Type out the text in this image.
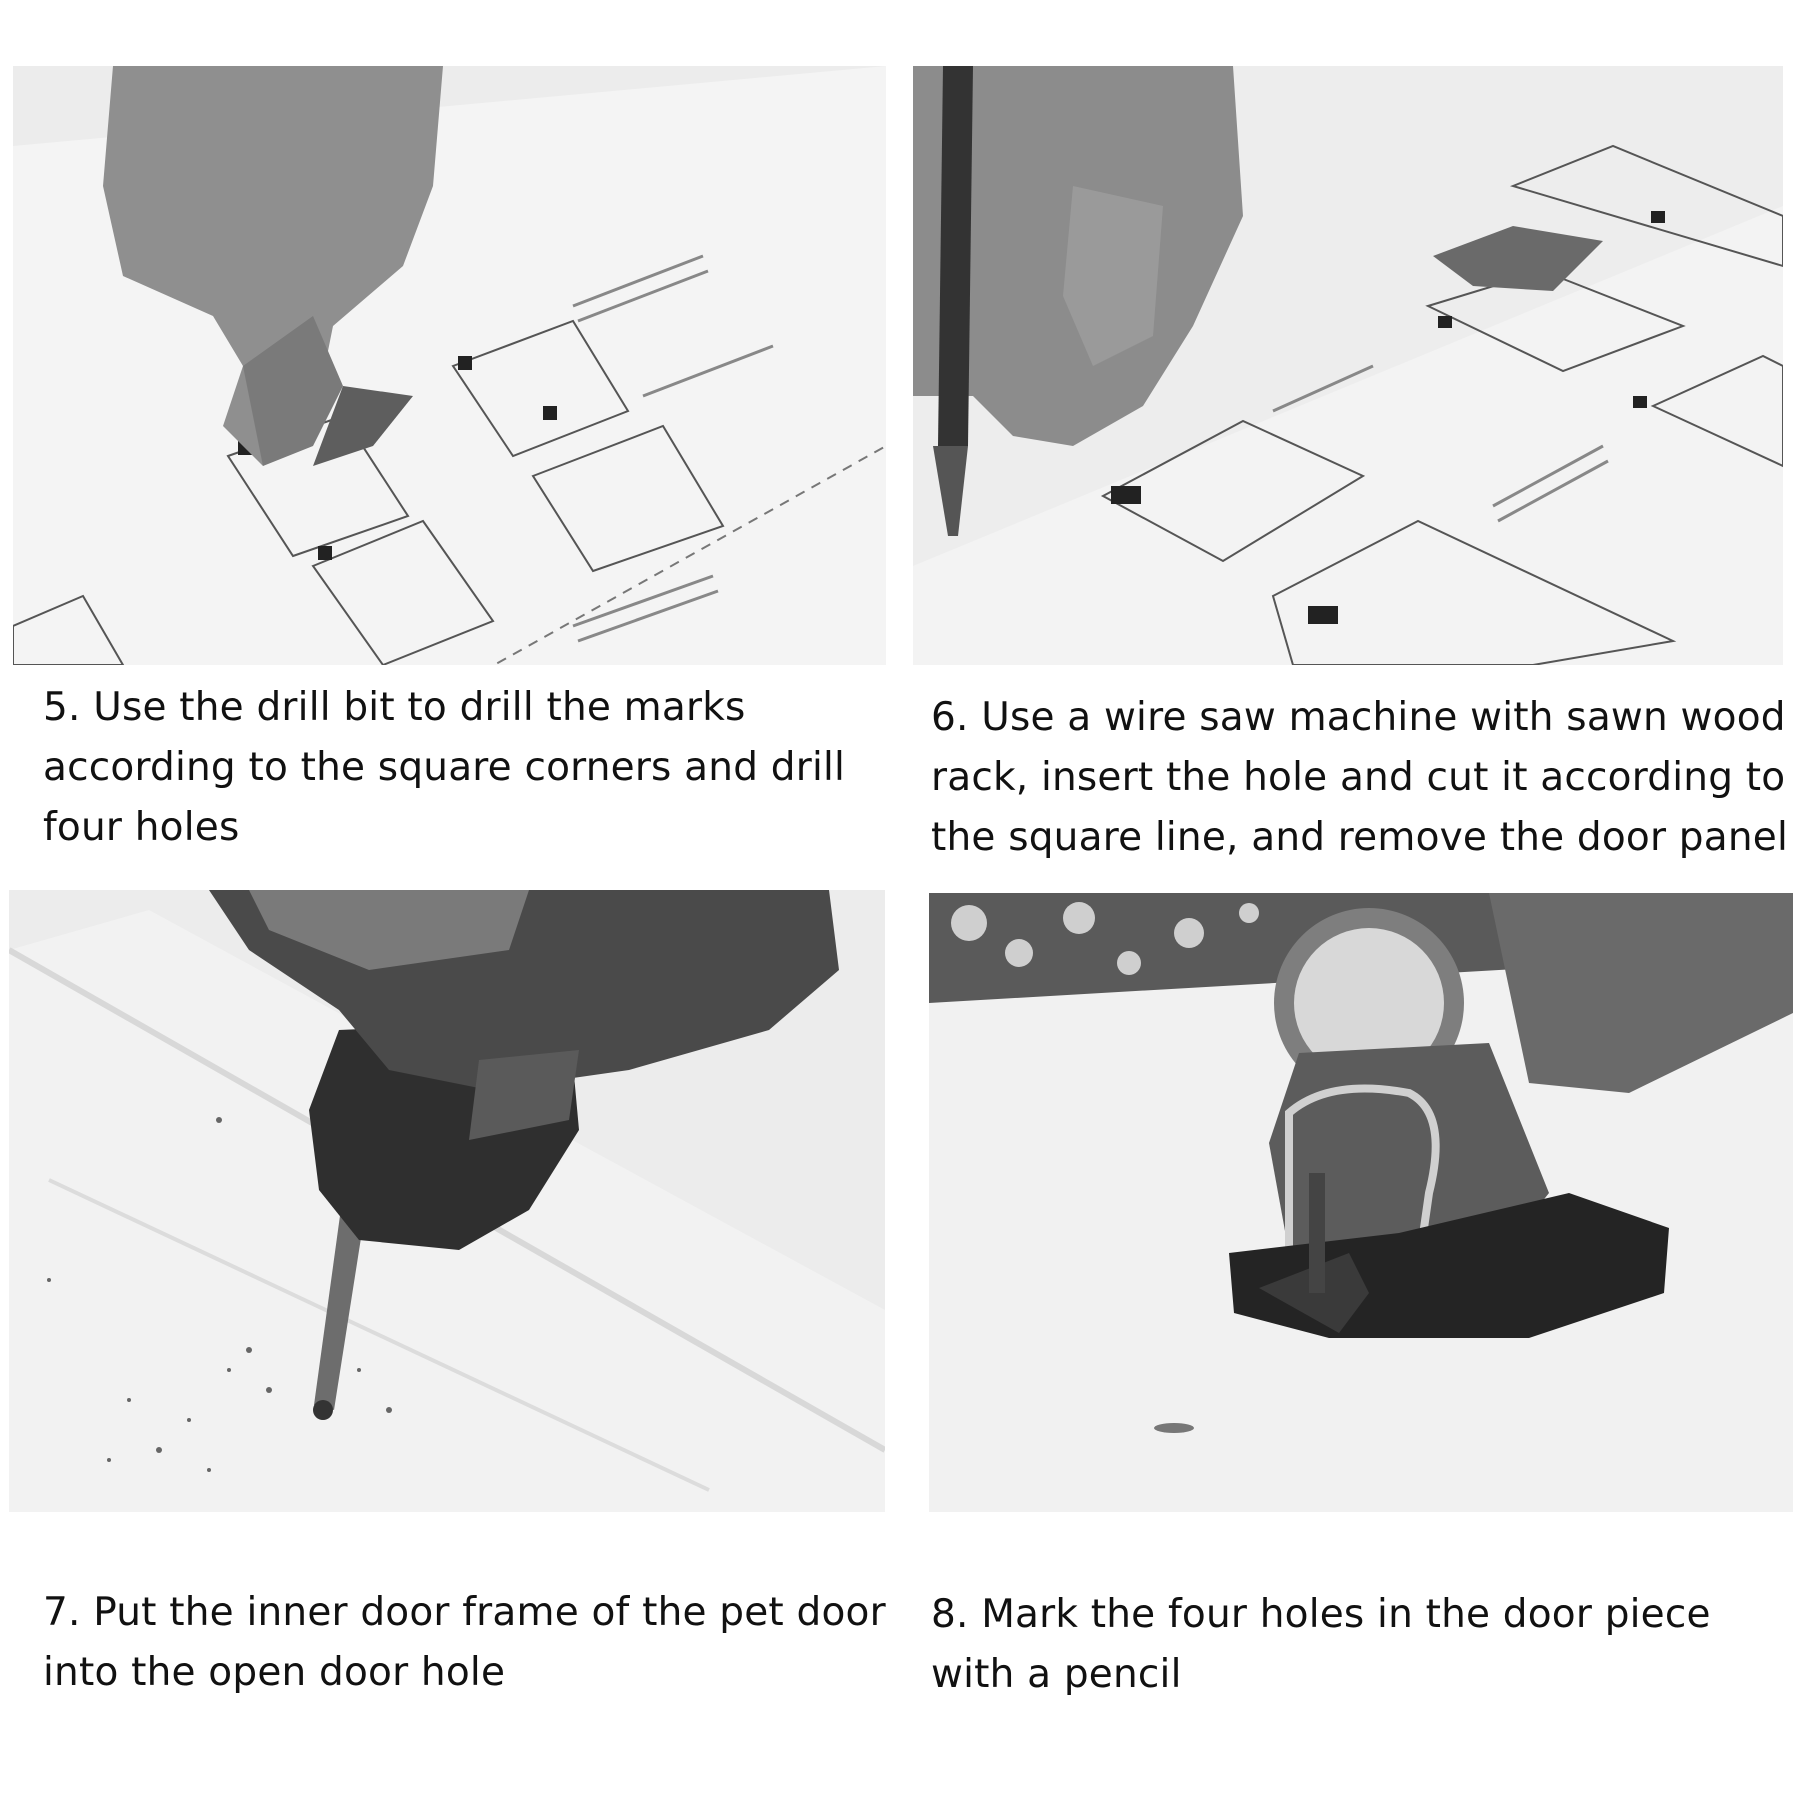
5. Use the drill bit to drill the marks according to the square corners and drill four holes
6. Use a wire saw machine with sawn wood rack, insert the hole and cut it according to the square line, and remove the door panel
7. Put the inner door frame of the pet door into the open door hole
8. Mark the four holes in the door piece with a pencil
